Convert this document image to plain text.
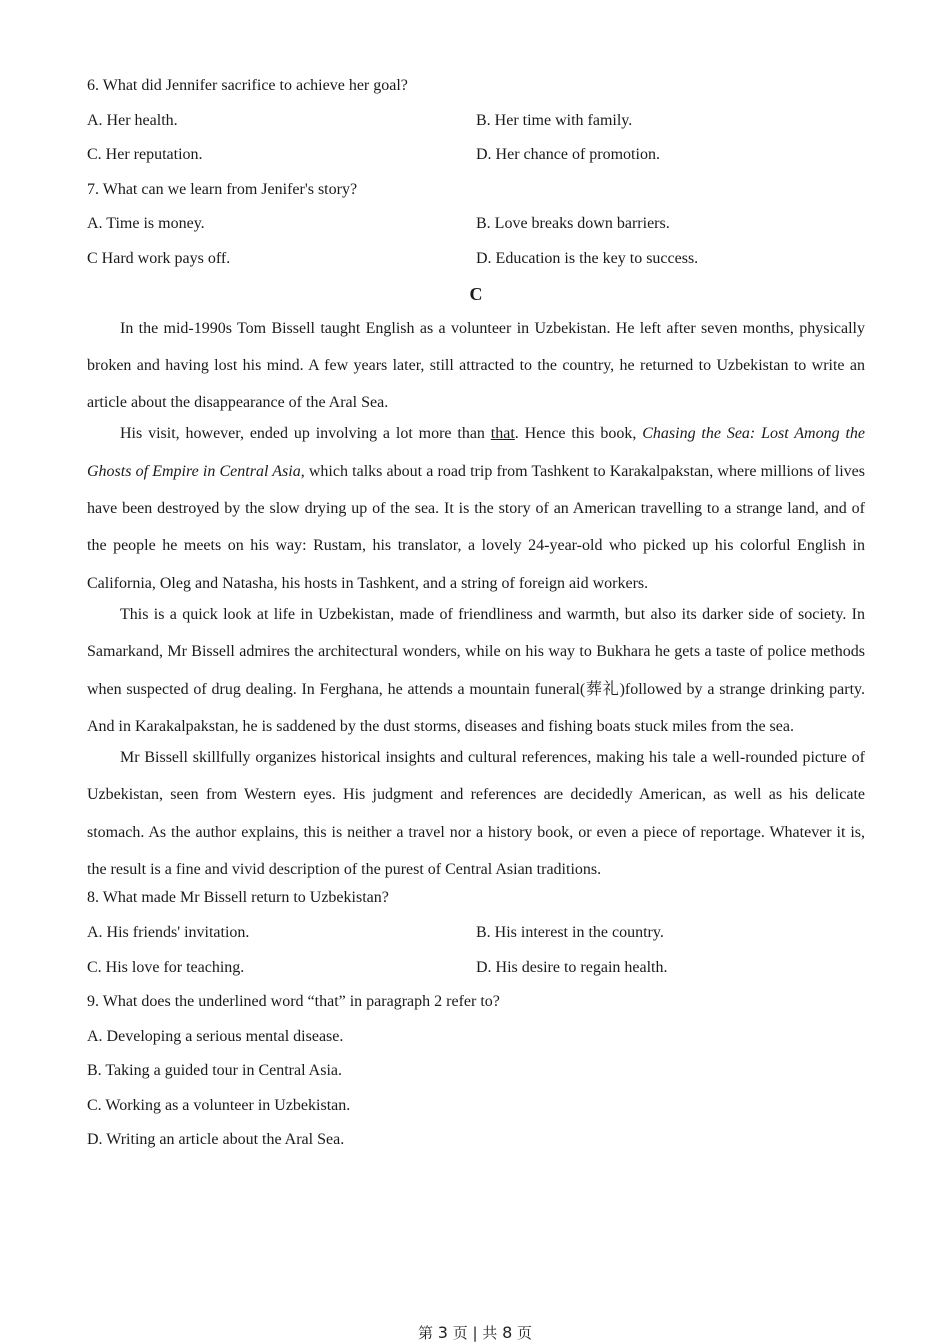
6. What did Jennifer sacrifice to achieve her goal?
A. Her health.	B. Her time with family.
C. Her reputation.	D. Her chance of promotion.
7. What can we learn from Jenifer's story?
A. Time is money.	B. Love breaks down barriers.
C Hard work pays off.	D. Education is the key to success.
C
In the mid-1990s Tom Bissell taught English as a volunteer in Uzbekistan. He left after seven months, physically broken and having lost his mind. A few years later, still attracted to the country, he returned to Uzbekistan to write an article about the disappearance of the Aral Sea.
His visit, however, ended up involving a lot more than that. Hence this book, Chasing the Sea: Lost Among the Ghosts of Empire in Central Asia, which talks about a road trip from Tashkent to Karakalpakstan, where millions of lives have been destroyed by the slow drying up of the sea. It is the story of an American travelling to a strange land, and of the people he meets on his way: Rustam, his translator, a lovely 24-year-old who picked up his colorful English in California, Oleg and Natasha, his hosts in Tashkent, and a string of foreign aid workers.
This is a quick look at life in Uzbekistan, made of friendliness and warmth, but also its darker side of society. In Samarkand, Mr Bissell admires the architectural wonders, while on his way to Bukhara he gets a taste of police methods when suspected of drug dealing. In Ferghana, he attends a mountain funeral(葬礼)followed by a strange drinking party. And in Karakalpakstan, he is saddened by the dust storms, diseases and fishing boats stuck miles from the sea.
Mr Bissell skillfully organizes historical insights and cultural references, making his tale a well-rounded picture of Uzbekistan, seen from Western eyes. His judgment and references are decidedly American, as well as his delicate stomach. As the author explains, this is neither a travel nor a history book, or even a piece of reportage. Whatever it is, the result is a fine and vivid description of the purest of Central Asian traditions.
8. What made Mr Bissell return to Uzbekistan?
A. His friends' invitation.	B. His interest in the country.
C. His love for teaching.	D. His desire to regain health.
9. What does the underlined word “that” in paragraph 2 refer to?
A. Developing a serious mental disease.
B. Taking a guided tour in Central Asia.
C. Working as a volunteer in Uzbekistan.
D. Writing an article about the Aral Sea.
第 3 页 | 共 8 页
